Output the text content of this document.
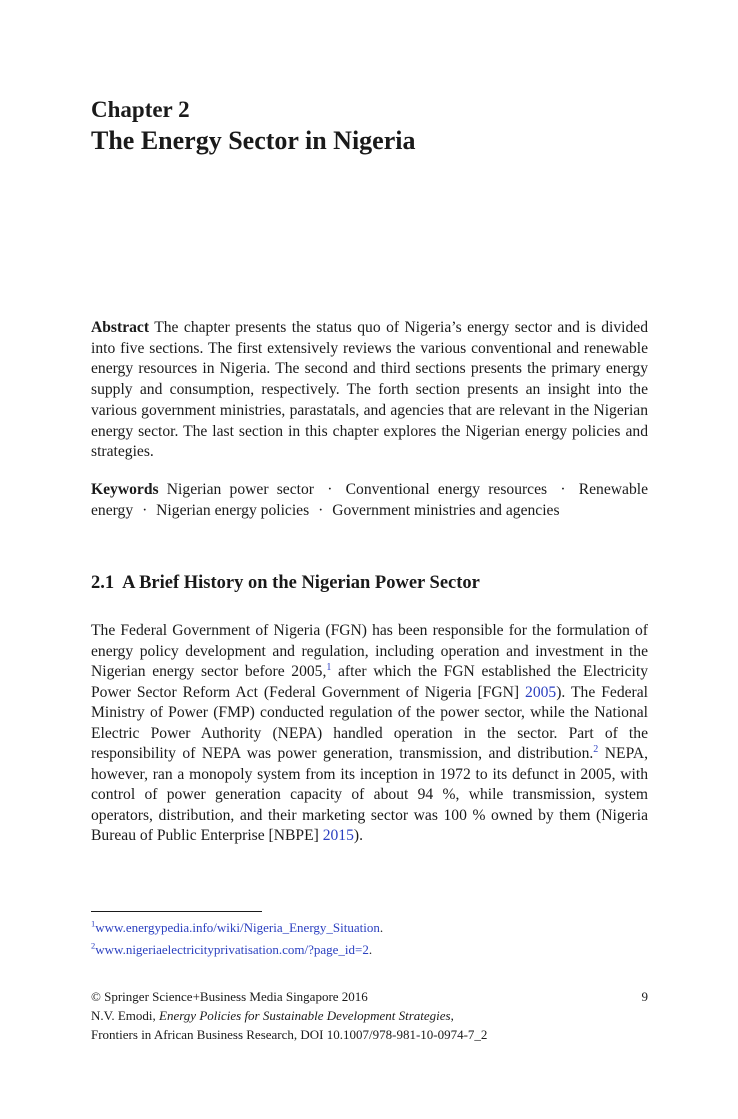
Chapter 2
The Energy Sector in Nigeria

Abstract The chapter presents the status quo of Nigeria’s energy sector and is divided into five sections. The first extensively reviews the various conventional and renewable energy resources in Nigeria. The second and third sections presents the primary energy supply and consumption, respectively. The forth section presents an insight into the various government ministries, parastatals, and agencies that are relevant in the Nigerian energy sector. The last section in this chapter explores the Nigerian energy policies and strategies.

Keywords Nigerian power sector · Conventional energy resources · Renewable energy · Nigerian energy policies · Government ministries and agencies

2.1 A Brief History on the Nigerian Power Sector

The Federal Government of Nigeria (FGN) has been responsible for the formulation of energy policy development and regulation, including operation and investment in the Nigerian energy sector before 2005,$^1$ after which the FGN established the Electricity Power Sector Reform Act (Federal Government of Nigeria [FGN] 2005). The Federal Ministry of Power (FMP) conducted regulation of the power sector, while the National Electric Power Authority (NEPA) handled operation in the sector. Part of the responsibility of NEPA was power generation, transmission, and distribution.$^2$ NEPA, however, ran a monopoly system from its inception in 1972 to its defunct in 2005, with control of power generation capacity of about 94 %, while transmission, system operators, distribution, and their marketing sector was 100 % owned by them (Nigeria Bureau of Public Enterprise [NBPE] 2015).

$^1$www.energypedia.info/wiki/Nigeria_Energy_Situation.

$^2$www.nigeriaelectricityprivatisation.com/?page_id=2.

© Springer Science+Business Media Singapore 2016
N.V. Emodi, Energy Policies for Sustainable Development Strategies,
Frontiers in African Business Research, DOI 10.1007/978-981-10-0974-7_2
9
